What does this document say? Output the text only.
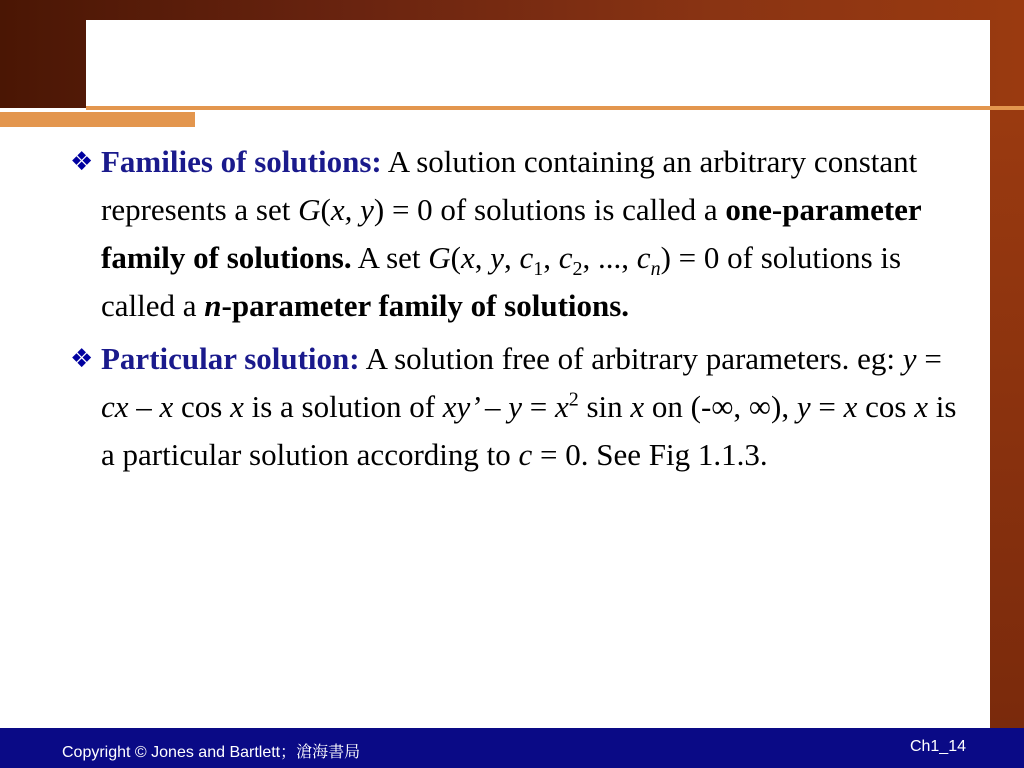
❖ Families of solutions: A solution containing an arbitrary constant represents a set G(x, y) = 0 of solutions is called a one-parameter family of solutions. A set G(x, y, $c_1$, $c_2$, ..., $c_n) = 0$ of solutions is called a n-parameter family of solutions.
❖ Particular solution: A solution free of arbitrary parameters. eg: y = cx – x cos x is a solution of xy’ – $y = x^2$ sin x on (-∞, ∞), y = x cos x is a particular solution according to c = 0. See Fig 1.1.3.
Copyright © Jones and Bartlett；滄海書局	Ch1_14
